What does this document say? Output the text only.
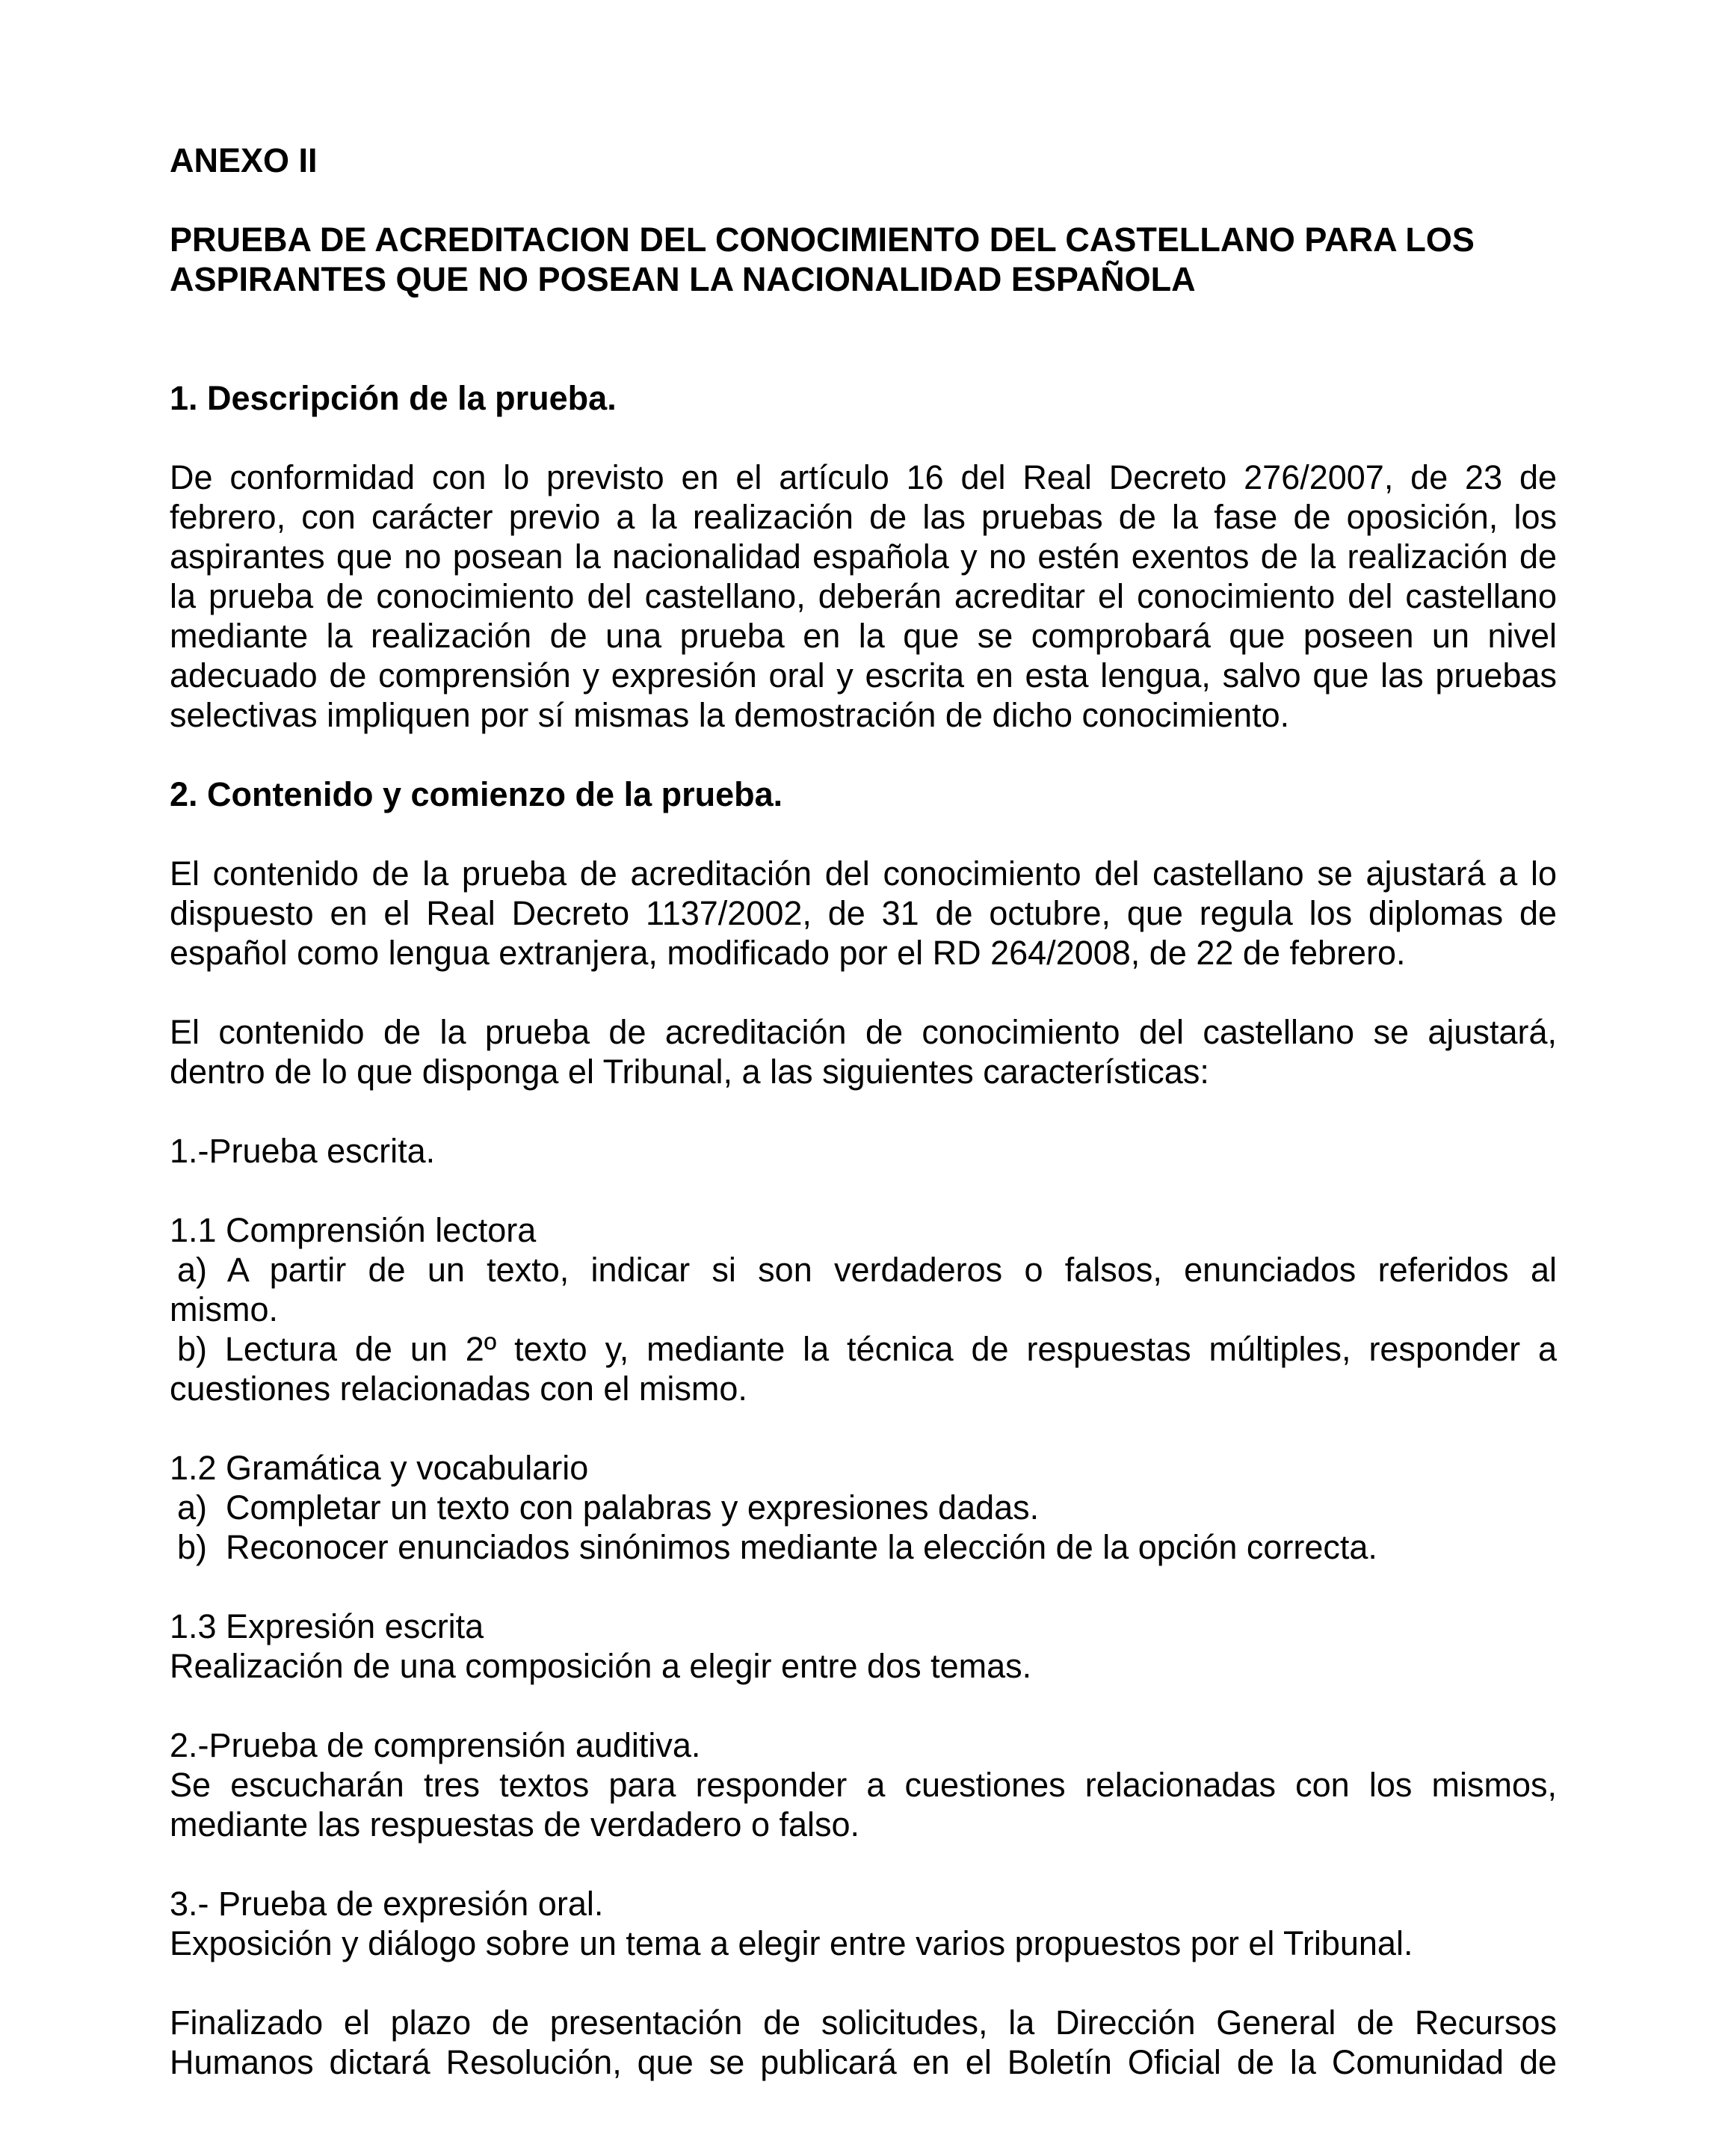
ANEXO II
PRUEBA DE ACREDITACION DEL CONOCIMIENTO DEL CASTELLANO PARA LOS
ASPIRANTES QUE NO POSEAN LA NACIONALIDAD ESPAÑOLA
1. Descripción de la prueba.
De conformidad con lo previsto en el artículo 16 del Real Decreto 276/2007, de 23 de
febrero, con carácter previo a la realización de las pruebas de la fase de oposición, los
aspirantes que no posean la nacionalidad española y no estén exentos de la realización de
la prueba de conocimiento del castellano, deberán acreditar el conocimiento del castellano
mediante la realización de una prueba en la que se comprobará que poseen un nivel
adecuado de comprensión y expresión oral y escrita en esta lengua, salvo que las pruebas
selectivas impliquen por sí mismas la demostración de dicho conocimiento.
2. Contenido y comienzo de la prueba.
El contenido de la prueba de acreditación del conocimiento del castellano se ajustará a lo
dispuesto en el Real Decreto 1137/2002, de 31 de octubre, que regula los diplomas de
español como lengua extranjera, modificado por el RD 264/2008, de 22 de febrero.
El contenido de la prueba de acreditación de conocimiento del castellano se ajustará,
dentro de lo que disponga el Tribunal, a las siguientes características:
1.-Prueba escrita.
1.1 Comprensión lectora
a) A partir de un texto, indicar si son verdaderos o falsos, enunciados referidos al
mismo.
b) Lectura de un 2º texto y, mediante la técnica de respuestas múltiples, responder a
cuestiones relacionadas con el mismo.
1.2 Gramática y vocabulario
a)  Completar un texto con palabras y expresiones dadas.
b)  Reconocer enunciados sinónimos mediante la elección de la opción correcta.
1.3 Expresión escrita
Realización de una composición a elegir entre dos temas.
2.-Prueba de comprensión auditiva.
Se escucharán tres textos para responder a cuestiones relacionadas con los mismos,
mediante las respuestas de verdadero o falso.
3.- Prueba de expresión oral.
Exposición y diálogo sobre un tema a elegir entre varios propuestos por el Tribunal.
Finalizado el plazo de presentación de solicitudes, la Dirección General de Recursos
Humanos dictará Resolución, que se publicará en el Boletín Oficial de la Comunidad de
